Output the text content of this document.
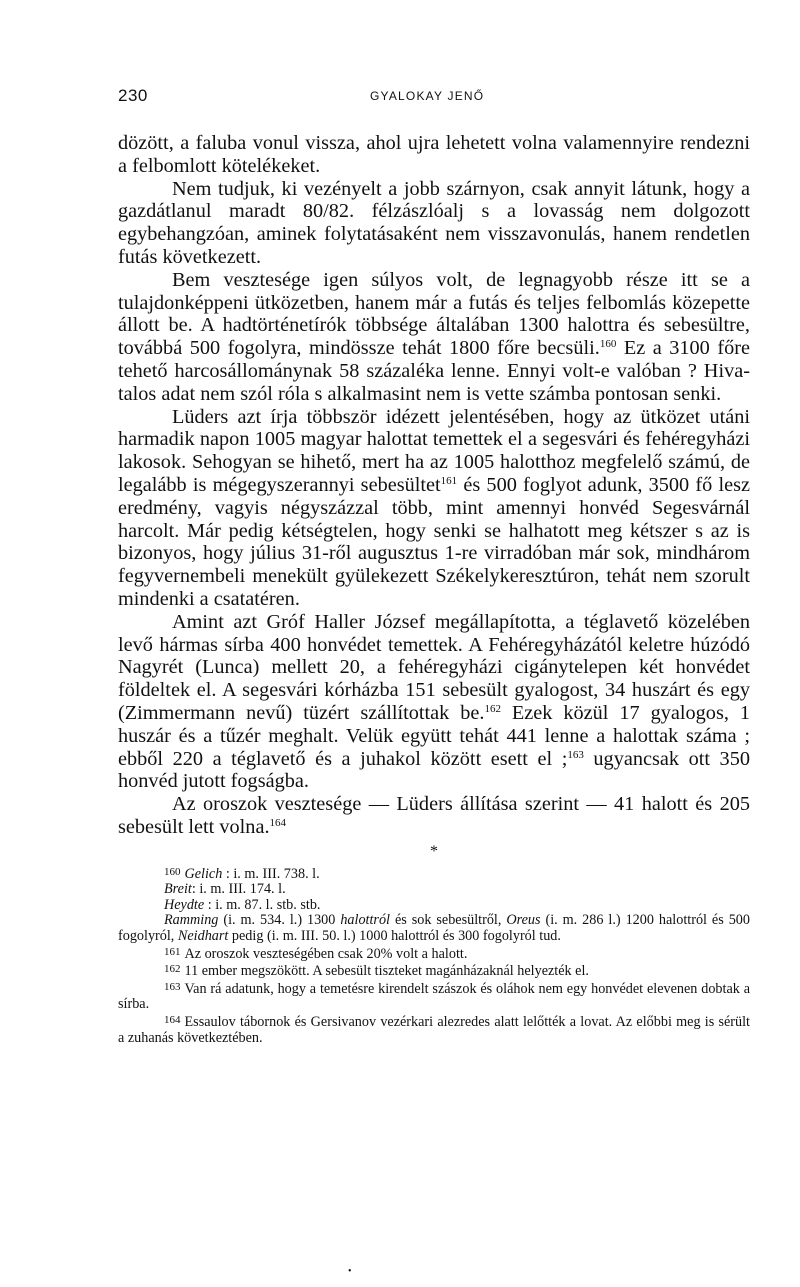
230	GYALOKAY JENŐ

dözött, a faluba vonul vissza, ahol ujra lehetett volna valamennyire rendezni a felbomlott kötelékeket.

Nem tudjuk, ki vezényelt a jobb szárnyon, csak annyit látunk, hogy a gazdátlanul maradt 80/82. félzászlóalj s a lovasság nem dolgozott egybehangzóan, aminek folytatásaként nem visszavonulás, hanem rendetlen futás következett.

Bem vesztesége igen súlyos volt, de legnagyobb része itt se a tulajdonképpeni ütközetben, hanem már a futás és teljes felbomlás közepette állott be. A hadtörténetírók többsége általában 1300 halottra és sebesültre, továbbá 500 fogolyra, mindössze tehát 1800 főre becsüli.$^{160}$ Ez a 3100 főre tehető harcosállománynak 58 százaléka lenne. Ennyi volt-e valóban ? Hivatalos adat nem szól róla s alkalmasint nem is vette számba pontosan senki.

Lüders azt írja többször idézett jelentésében, hogy az ütközet utáni harmadik napon 1005 magyar halottat temettek el a segesvári és fehéregyházi lakosok. Sehogyan se hihető, mert ha az 1005 halotthoz megfelelő számú, de legalább is mégegyszerannyi sebesültet$^{161}$ és 500 foglyot adunk, 3500 fő lesz eredmény, vagyis négyszázzal több, mint amennyi honvéd Segesvárnál harcolt. Már pedig kétségtelen, hogy senki se halhatott meg kétszer s az is bizonyos, hogy július 31-ről augusztus 1-re virradóban már sok, mindhárom fegyvernembeli menekült gyülekezett Székelykeresztúron, tehát nem szorult mindenki a csatatéren.

Amint azt Gróf Haller József megállapította, a téglavető közelében levő hármas sírba 400 honvédet temettek. A Fehéregyházától keletre húzódó Nagyrét (Lunca) mellett 20, a fehéregyházi cigánytelepen két honvédet földeltek el. A segesvári kórházba 151 sebesült gyalogost, 34 huszárt és egy (Zimmermann nevű) tüzért szállítottak be.$^{162}$ Ezek közül 17 gyalogos, 1 huszár és a tűzér meghalt. Velük együtt tehát 441 lenne a halottak száma ; ebből 220 a téglavető és a juhakol között esett el ;$^{163}$ ugyancsak ott 350 honvéd jutott fogságba.

Az oroszok vesztesége — Lüders állítása szerint — 41 halott és 205 sebesült lett volna.$^{164}$

*

$^{160}$ Gelich : i. m. III. 738. l.

Breit: i. m. III. 174. l.

Heydte : i. m. 87. l. stb. stb.

Ramming (i. m. 534. l.) 1300 halottról és sok sebesültről, Oreus (i. m. 286 l.) 1200 halottról és 500 fogolyról, Neidhart pedig (i. m. III. 50. l.) 1000 halottról és 300 fogolyról tud.

$^{161}$ Az oroszok veszteségében csak 20% volt a halott.

$^{162}$ 11 ember megszökött. A sebesült tiszteket magánházaknál helyezték el.

$^{163}$ Van rá adatunk, hogy a temetésre kirendelt szászok és oláhok nem egy honvédet elevenen dobtak a sírba.

$^{164}$ Essaulov tábornok és Gersivanov vezérkari alezredes alatt lelőtték a lovat. Az előbbi meg is sérült a zuhanás következtében.

•
